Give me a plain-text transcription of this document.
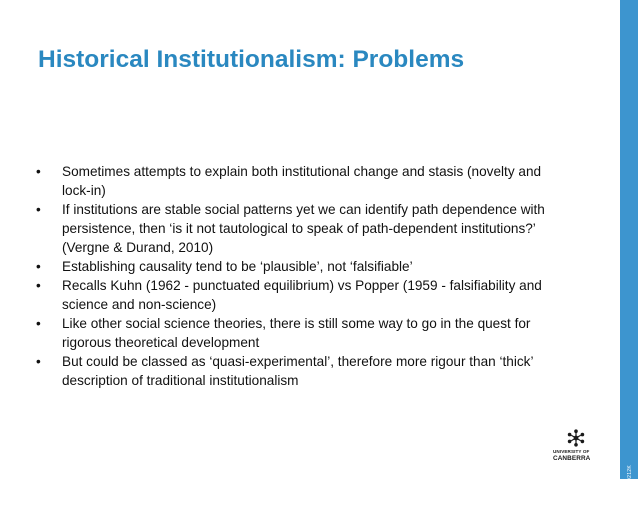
Historical Institutionalism: Problems
•	Sometimes attempts to explain both institutional change and stasis (novelty and lock-in)
•	If institutions are stable social patterns yet we can identify path dependence with persistence, then ‘is it not tautological to speak of path-dependent institutions?’ (Vergne & Durand, 2010)
•	Establishing causality tend to be ‘plausible’, not ‘falsifiable’
•	Recalls Kuhn (1962 - punctuated equilibrium) vs Popper (1959 - falsifiability and science and non-science)
•	Like other social science theories, there is still some way to go in the quest for rigorous theoretical development
•	But could be classed as ‘quasi-experimental’, therefore more rigour than ‘thick’ description of traditional institutionalism
UNIVERSITY OF
CANBERRA
CRICOS 00212K
